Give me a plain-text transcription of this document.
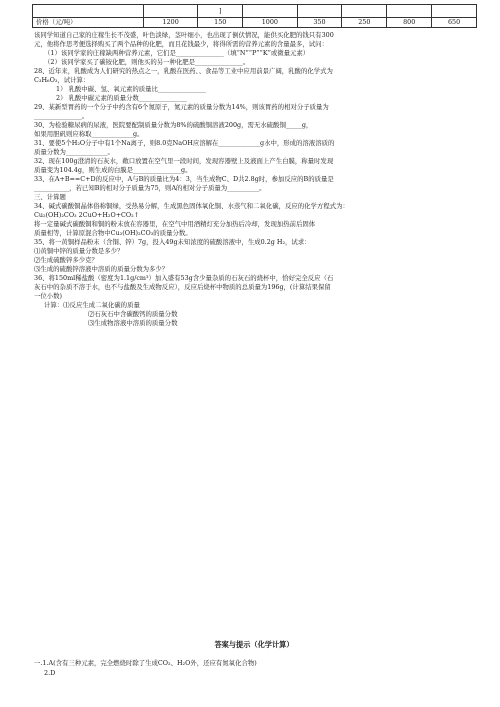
		]					
价格（元/吨）	1200	150	1000	350	250	800	650

该同学知道自己家的庄稼生长不茂盛，叶色淡绿，茎叶细小，也出现了倒伏情况，能供买化肥的钱只有300

元，他将作思考便选择购买了两个品种的化肥，而且花钱最少，将得所需的营养元素的含量最多，试问：

（1）该同学家的庄稼缺两种营养元素，它们是_______________（填“N”“P”“K”或微量元素）

（2）该同学家买了碳铵化肥，则他买的另一种化肥是_______________。

28、近年来，乳酸成为人们研究的热点之一，乳酸在医药、、食品等工业中应用前景广阔，乳酸的化学式为

C₃H₆O₃，试计算：

1） 乳酸中碳、氢、氧元素的质量比_______________

2） 乳酸中碳元素的质量分数_______________

29、某新型胃药的一个分子中约含有6个氮原子，氮元素的质量分数为14%，则该胃药的相对分子质量为

_______________。

30、为检验糖尿病的尿液，医院要配制质量分数为8%的硫酸铜溶液200g，需无水硫酸铜_____g，

如果用胆矾则应称取_____________g。

31、要使5个H₂O分子中有1个Na离子，则8.0克NaOH应溶解在_____________g水中，形成的溶液溶质的

质量分数为_____________。

32、现在100g澄清的石灰水，敞口放置在空气里一段时间，发现容器壁上及液面上产生白膜，称量时发现

质量变为104.4g，则生成的白膜是_______________g。

33、在A+B==C+D的反应中，A与B的质量比为4：3，当生成物C、D共2.8g时，参加反应的B的质量是

___________，若已知B的相对分子质量为75，则A的相对分子质量为__________。

三、计算题

34、碱式碳酸铜晶体俗称铜绿，受热易分解，生成黑色固体氧化铜、水蒸气和二氧化碳，反应的化学方程式为：

Cu₂(OH)₂CO₃ 2CuO+H₂O+CO₂↑

将一定量碱式碳酸铜和铜的粉末放在容器里，在空气中用酒精灯充分加热后冷却，发现加热前后固体

质量相等，计算原混合物中Cu₂(OH)₂CO₃的质量分数。

35、将一黄铜样品粉末（含铜、锌）7g，投入49g未知浓度的硫酸溶液中，生成0.2g H₂，试求：

⑴黄铜中锌的质量分数是多少？

⑵生成硫酸锌多少克？

⑶生成的硫酸锌溶液中溶质的质量分数为多少？

36、将150ml稀盐酸（密度为1.1g/cm³）加入盛有53g含少量杂质的石灰石的烧杯中，恰好完全反应（石

灰石中的杂质不溶于水，也不与盐酸及生成物反应），反应后烧杯中物质的总质量为196g，(计算结果保留

一位小数)

计算：⑴反应生成二氧化碳的质量

⑵石灰石中含碳酸钙的质量分数

⑶生成物溶液中溶质的质量分数

答案与提示（化学计算）

一.1.A(含有三种元素，完全燃烧时除了生成CO₂、H₂O外，还应有氮氧化合物)

2.D
